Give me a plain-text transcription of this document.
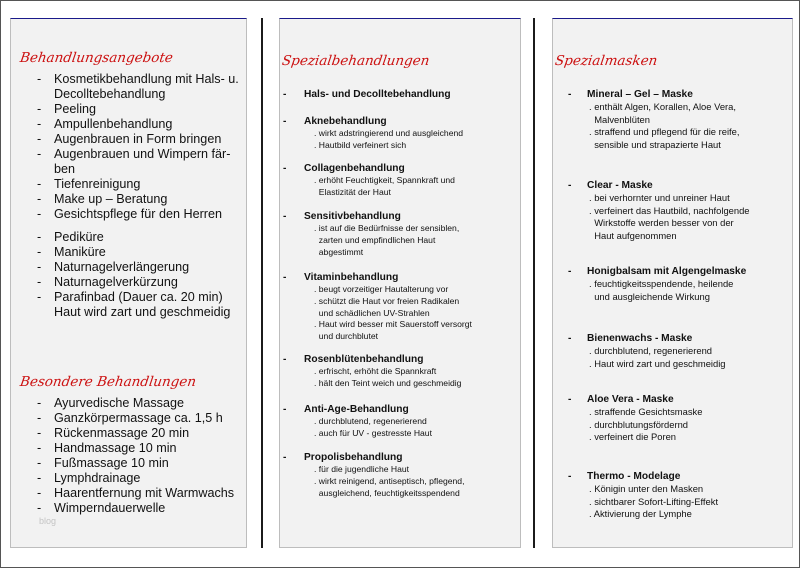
Behandlungsangebote
- Kosmetikbehandlung mit Hals- u.
Decolltebehandlung
- Peeling
- Ampullenbehandlung
- Augenbrauen in Form bringen
- Augenbrauen und Wimpern fär-
ben
- Tiefenreinigung
- Make up – Beratung
- Gesichtspflege für den Herren
- Pediküre
- Maniküre
- Naturnagelverlängerung
- Naturnagelverkürzung
- Parafinbad (Dauer ca. 20 min)
Haut wird zart und geschmeidig
Besondere Behandlungen
- Ayurvedische Massage
- Ganzkörpermassage ca. 1,5 h
- Rückenmassage 20 min
- Handmassage 10 min
- Fußmassage 10 min
- Lymphdrainage
- Haarentfernung mit Warmwachs
- Wimperndauerwelle
blog
Spezialbehandlungen
- Hals- und Decolltebehandlung
- Aknebehandlung
. wirkt adstringierend und ausgleichend
. Hautbild verfeinert sich
- Collagenbehandlung
. erhöht Feuchtigkeit, Spannkraft und
Elastizität der Haut
- Sensitivbehandlung
. ist auf die Bedürfnisse der sensiblen,
zarten und empfindlichen Haut
abgestimmt
- Vitaminbehandlung
. beugt vorzeitiger Hautalterung vor
. schützt die Haut vor freien Radikalen
und schädlichen UV-Strahlen
. Haut wird besser mit Sauerstoff versorgt
und durchblutet
- Rosenblütenbehandlung
. erfrischt, erhöht die Spannkraft
. hält den Teint weich und geschmeidig
- Anti-Age-Behandlung
. durchblutend, regenerierend
. auch für UV - gestresste Haut
- Propolisbehandlung
. für die jugendliche Haut
. wirkt reinigend, antiseptisch, pflegend,
ausgleichend, feuchtigkeitsspendend
Spezialmasken
- Mineral – Gel – Maske
. enthält Algen, Korallen, Aloe Vera,
Malvenblüten
. straffend und pflegend für die reife,
sensible und strapazierte Haut
- Clear - Maske
. bei verhornter und unreiner Haut
. verfeinert das Hautbild, nachfolgende
Wirkstoffe werden besser von der
Haut aufgenommen
- Honigbalsam mit Algengelmaske
. feuchtigkeitsspendende, heilende
und ausgleichende Wirkung
- Bienenwachs - Maske
. durchblutend, regenerierend
. Haut wird zart und geschmeidig
- Aloe Vera - Maske
. straffende Gesichtsmaske
. durchblutungsfördernd
. verfeinert die Poren
- Thermo - Modelage
. Königin unter den Masken
. sichtbarer Sofort-Lifting-Effekt
. Aktivierung der Lymphe
